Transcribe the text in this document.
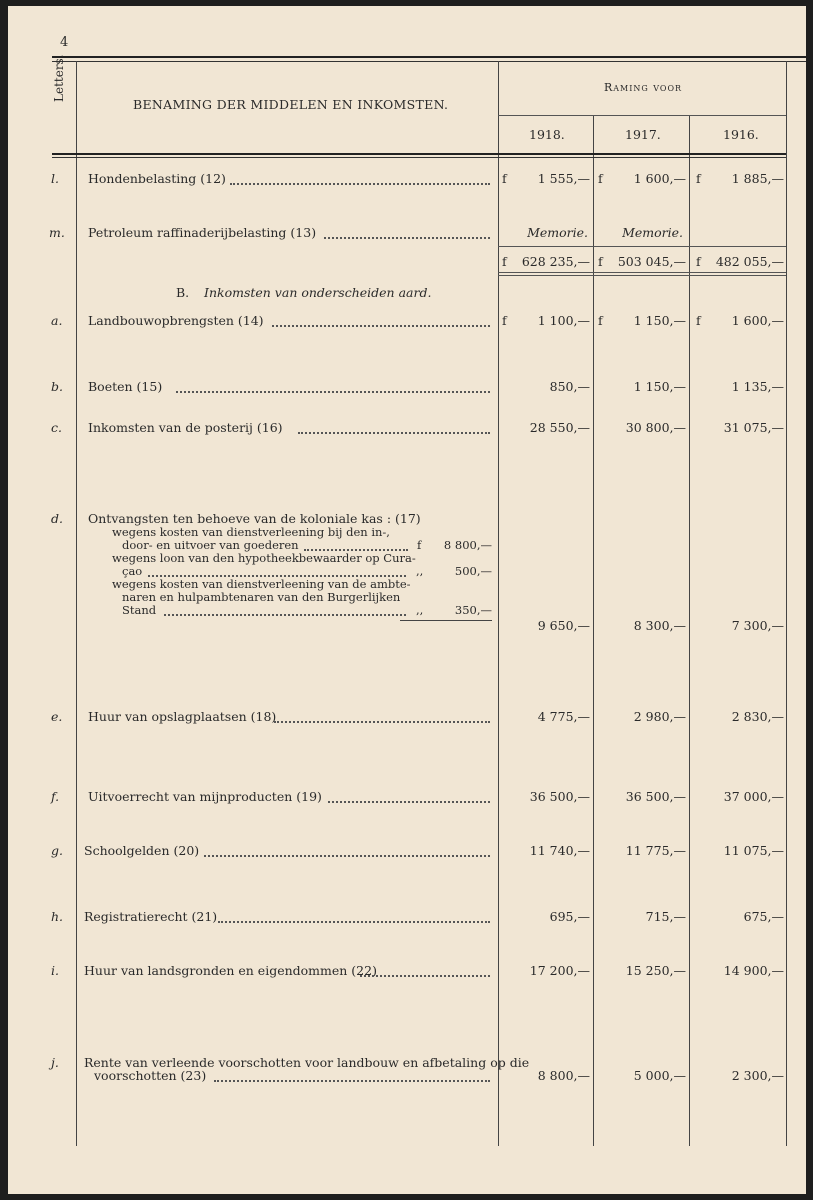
4
Letters.
BENAMING DER MIDDELEN EN INKOMSTEN.
Raming voor
1918.	1917.	1916.
l. Hondenbelasting (12)	f	1 555,— f	1 600,— f	1 885,—
m. Petroleum raffinaderijbelasting (13)	Memorie.	Memorie.
f	628 235,— f	503 045,— f	482 055,—
B. Inkomsten van onderscheiden aard.
a. Landbouwopbrengsten (14)	f	1 100,— f	1 150,— f	1 600,—
b. Boeten (15)	850,—	1 150,—	1 135,—
c. Inkomsten van de posterij (16)	28 550,—	30 800,—	31 075,—
d. Ontvangsten ten behoeve van de koloniale kas : (17)
wegens kosten van dienstverleening bij den in-,
door- en uitvoer van goederen	f	8 800,—
wegens loon van den hypotheekbewaarder op Cura-
çao	,,	500,—
wegens kosten van dienstverleening van de ambte-
naren en hulpambtenaren van den Burgerlijken
Stand	,,	350,—
9 650,—	8 300,—	7 300,—
e. Huur van opslagplaatsen (18)	4 775,—	2 980,—	2 830,—
f. Uitvoerrecht van mijnproducten (19)	36 500,—	36 500,—	37 000,—
g. Schoolgelden (20)	11 740,—	11 775,—	11 075,—
h. Registratierecht (21)	695,—	715,—	675,—
i. Huur van landsgronden en eigendommen (22)	17 200,—	15 250,—	14 900,—
j. Rente van verleende voorschotten voor landbouw en afbetaling op die
voorschotten (23)	8 800,—	5 000,—	2 300,—
